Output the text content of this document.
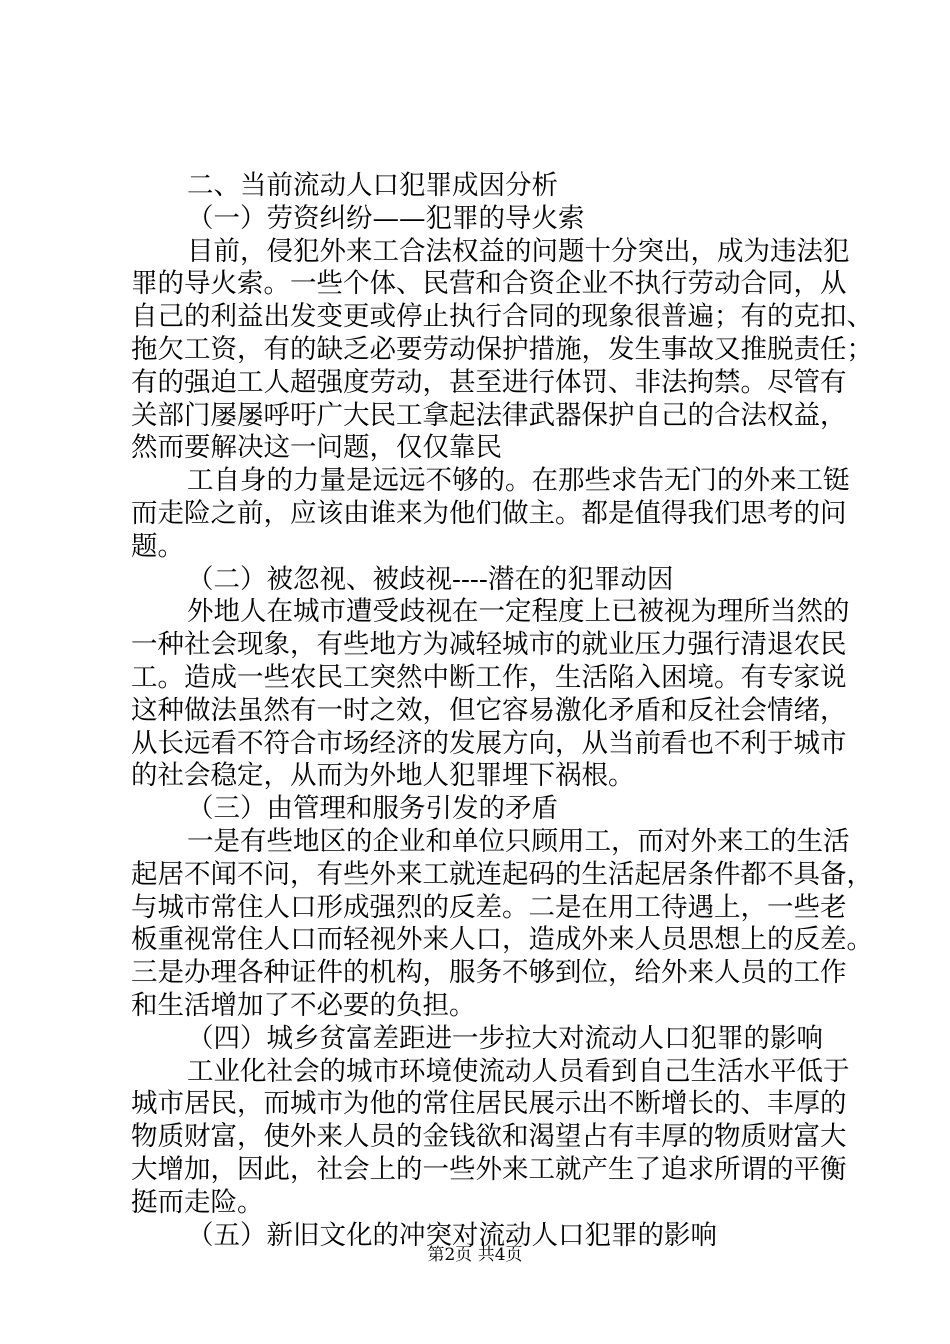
二、当前流动人口犯罪成因分析
（一）劳资纠纷——犯罪的导火索
目前，侵犯外来工合法权益的问题十分突出，成为违法犯
罪的导火索。一些个体、民营和合资企业不执行劳动合同，从
自己的利益出发变更或停止执行合同的现象很普遍；有的克扣、
拖欠工资，有的缺乏必要劳动保护措施，发生事故又推脱责任；
有的强迫工人超强度劳动，甚至进行体罚、非法拘禁。尽管有
关部门屡屡呼吁广大民工拿起法律武器保护自己的合法权益，
然而要解决这一问题，仅仅靠民
工自身的力量是远远不够的。在那些求告无门的外来工铤
而走险之前，应该由谁来为他们做主。都是值得我们思考的问
题。
（二）被忽视、被歧视----潜在的犯罪动因
外地人在城市遭受歧视在一定程度上已被视为理所当然的
一种社会现象，有些地方为减轻城市的就业压力强行清退农民
工。造成一些农民工突然中断工作，生活陷入困境。有专家说
这种做法虽然有一时之效，但它容易激化矛盾和反社会情绪，
从长远看不符合市场经济的发展方向，从当前看也不利于城市
的社会稳定，从而为外地人犯罪埋下祸根。
（三）由管理和服务引发的矛盾
一是有些地区的企业和单位只顾用工，而对外来工的生活
起居不闻不问，有些外来工就连起码的生活起居条件都不具备，
与城市常住人口形成强烈的反差。二是在用工待遇上，一些老
板重视常住人口而轻视外来人口，造成外来人员思想上的反差。
三是办理各种证件的机构，服务不够到位，给外来人员的工作
和生活增加了不必要的负担。
（四）城乡贫富差距进一步拉大对流动人口犯罪的影响
工业化社会的城市环境使流动人员看到自己生活水平低于
城市居民，而城市为他的常住居民展示出不断增长的、丰厚的
物质财富，使外来人员的金钱欲和渴望占有丰厚的物质财富大
大增加，因此，社会上的一些外来工就产生了追求所谓的平衡
挺而走险。
（五）新旧文化的冲突对流动人口犯罪的影响
第2页 共4页
